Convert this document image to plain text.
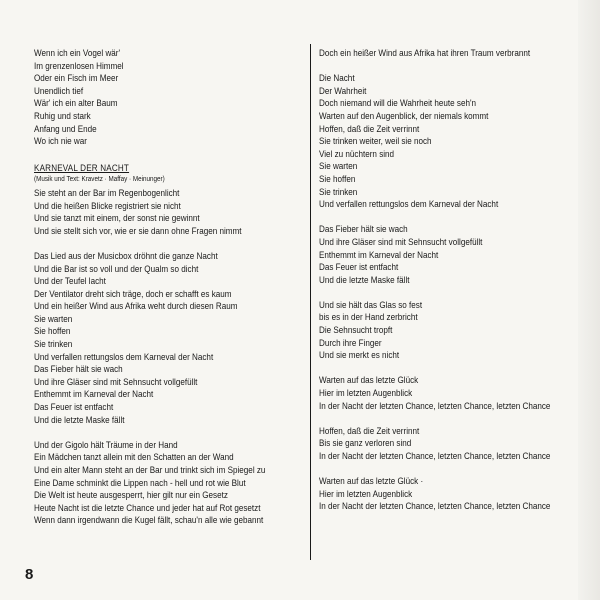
Wenn ich ein Vogel wär'
Im grenzenlosen Himmel
Oder ein Fisch im Meer
Unendlich tief
Wär' ich ein alter Baum
Ruhig und stark
Anfang und Ende
Wo ich nie war
KARNEVAL DER NACHT
(Musik und Text: Kravetz · Maffay · Meinunger)
Sie steht an der Bar im Regenbogenlicht
Und die heißen Blicke registriert sie nicht
Und sie tanzt mit einem, der sonst nie gewinnt
Und sie stellt sich vor, wie er sie dann ohne Fragen nimmt
Das Lied aus der Musicbox dröhnt die ganze Nacht
Und die Bar ist so voll und der Qualm so dicht
Und der Teufel lacht
Der Ventilator dreht sich träge, doch er schafft es kaum
Und ein heißer Wind aus Afrika weht durch diesen Raum
Sie warten
Sie hoffen
Sie trinken
Und verfallen rettungslos dem Karneval der Nacht
Das Fieber hält sie wach
Und ihre Gläser sind mit Sehnsucht vollgefüllt
Enthemmt im Karneval der Nacht
Das Feuer ist entfacht
Und die letzte Maske fällt
Und der Gigolo hält Träume in der Hand
Ein Mädchen tanzt allein mit den Schatten an der Wand
Und ein alter Mann steht an der Bar und trinkt sich im Spiegel zu
Eine Dame schminkt die Lippen nach - hell und rot wie Blut
Die Welt ist heute ausgesperrt, hier gilt nur ein Gesetz
Heute Nacht ist die letzte Chance und jeder hat auf Rot gesetzt
Wenn dann irgendwann die Kugel fällt, schau'n alle wie gebannt
Doch ein heißer Wind aus Afrika hat ihren Traum verbrannt
Die Nacht
Der Wahrheit
Doch niemand will die Wahrheit heute seh'n
Warten auf den Augenblick, der niemals kommt
Hoffen, daß die Zeit verrinnt
Sie trinken weiter, weil sie noch
Viel zu nüchtern sind
Sie warten
Sie hoffen
Sie trinken
Und verfallen rettungslos dem Karneval der Nacht
Das Fieber hält sie wach
Und ihre Gläser sind mit Sehnsucht vollgefüllt
Enthemmt im Karneval der Nacht
Das Feuer ist entfacht
Und die letzte Maske fällt
Und sie hält das Glas so fest
bis es in der Hand zerbricht
Die Sehnsucht tropft
Durch ihre Finger
Und sie merkt es nicht
Warten auf das letzte Glück
Hier im letzten Augenblick
In der Nacht der letzten Chance, letzten Chance, letzten Chance
Hoffen, daß die Zeit verrinnt
Bis sie ganz verloren sind
In der Nacht der letzten Chance, letzten Chance, letzten Chance
Warten auf das letzte Glück ·
Hier im letzten Augenblick
In der Nacht der letzten Chance, letzten Chance, letzten Chance
8
